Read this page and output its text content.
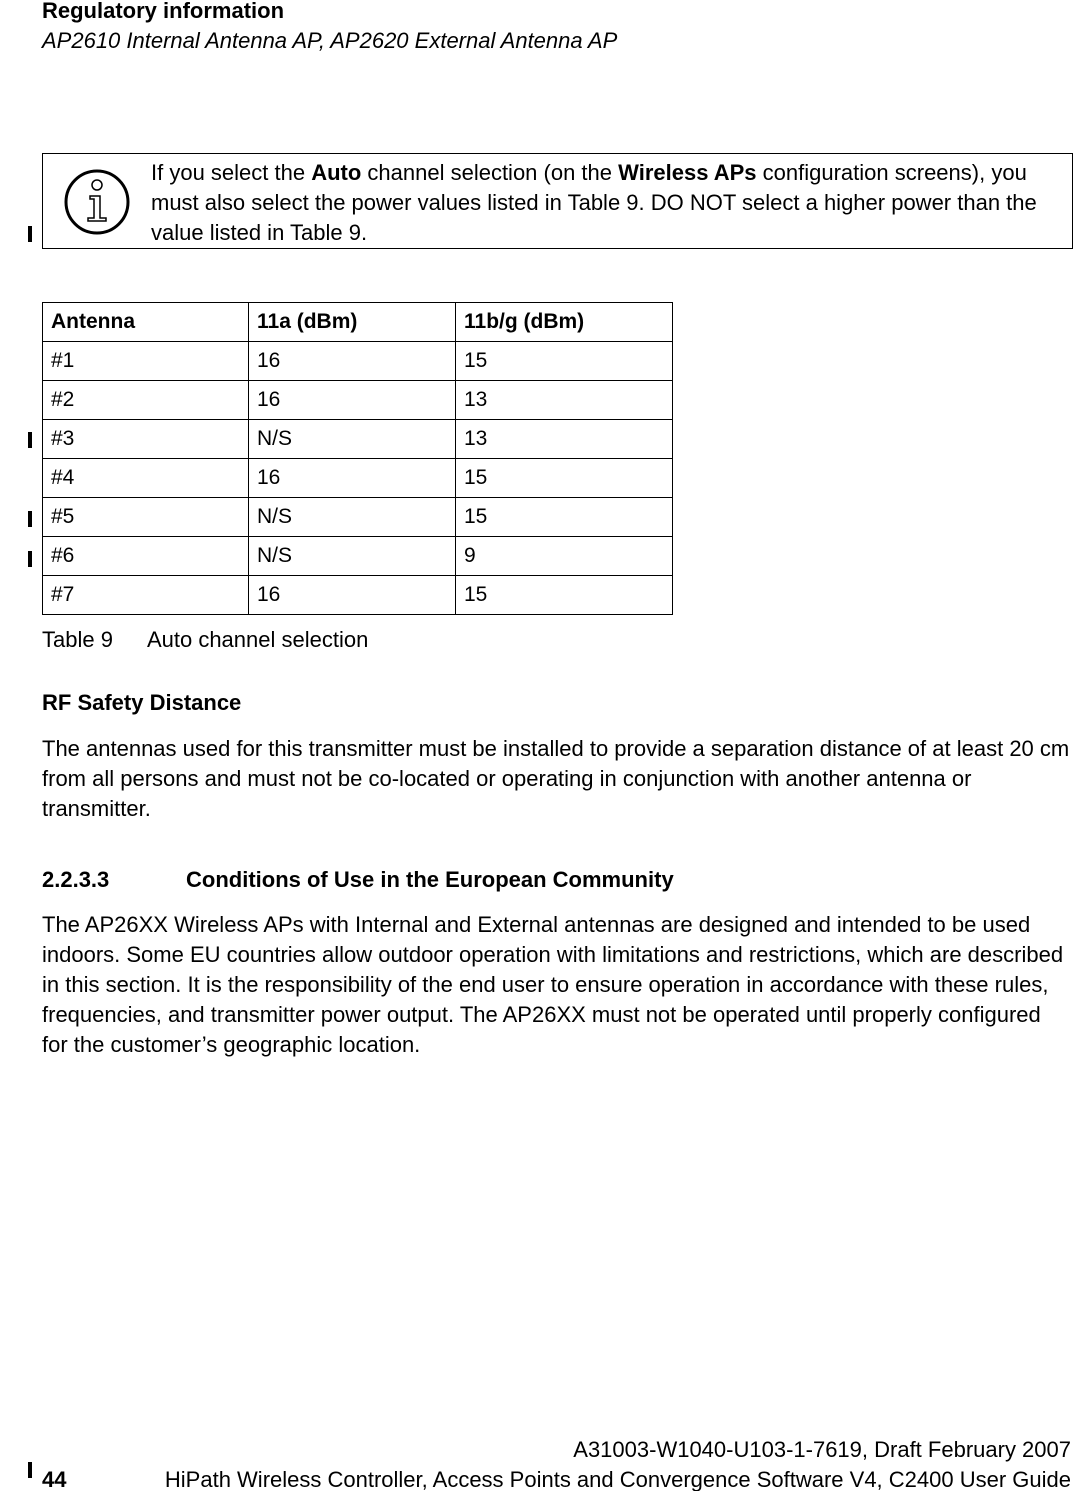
Regulatory information
AP2610 Internal Antenna AP, AP2620 External Antenna AP
If you select the Auto channel selection (on the Wireless APs configuration screens), you must also select the power values listed in Table 9. DO NOT select a higher power than the value listed in Table 9.
Antenna	11a (dBm)	11b/g (dBm)
#1	16	15
#2	16	13
#3	N/S	13
#4	16	15
#5	N/S	15
#6	N/S	9
#7	16	15
Table 9 Auto channel selection
RF Safety Distance
The antennas used for this transmitter must be installed to provide a separation distance of at least 20 cm from all persons and must not be co-located or operating in conjunction with another antenna or transmitter.
2.2.3.3	Conditions of Use in the European Community
The AP26XX Wireless APs with Internal and External antennas are designed and intended to be used indoors. Some EU countries allow outdoor operation with limitations and restrictions, which are described in this section. It is the responsibility of the end user to ensure operation in accordance with these rules, frequencies, and transmitter power output. The AP26XX must not be operated until properly configured for the customer’s geographic location.
A31003-W1040-U103-1-7619, Draft February 2007
44	HiPath Wireless Controller, Access Points and Convergence Software V4, C2400 User Guide
